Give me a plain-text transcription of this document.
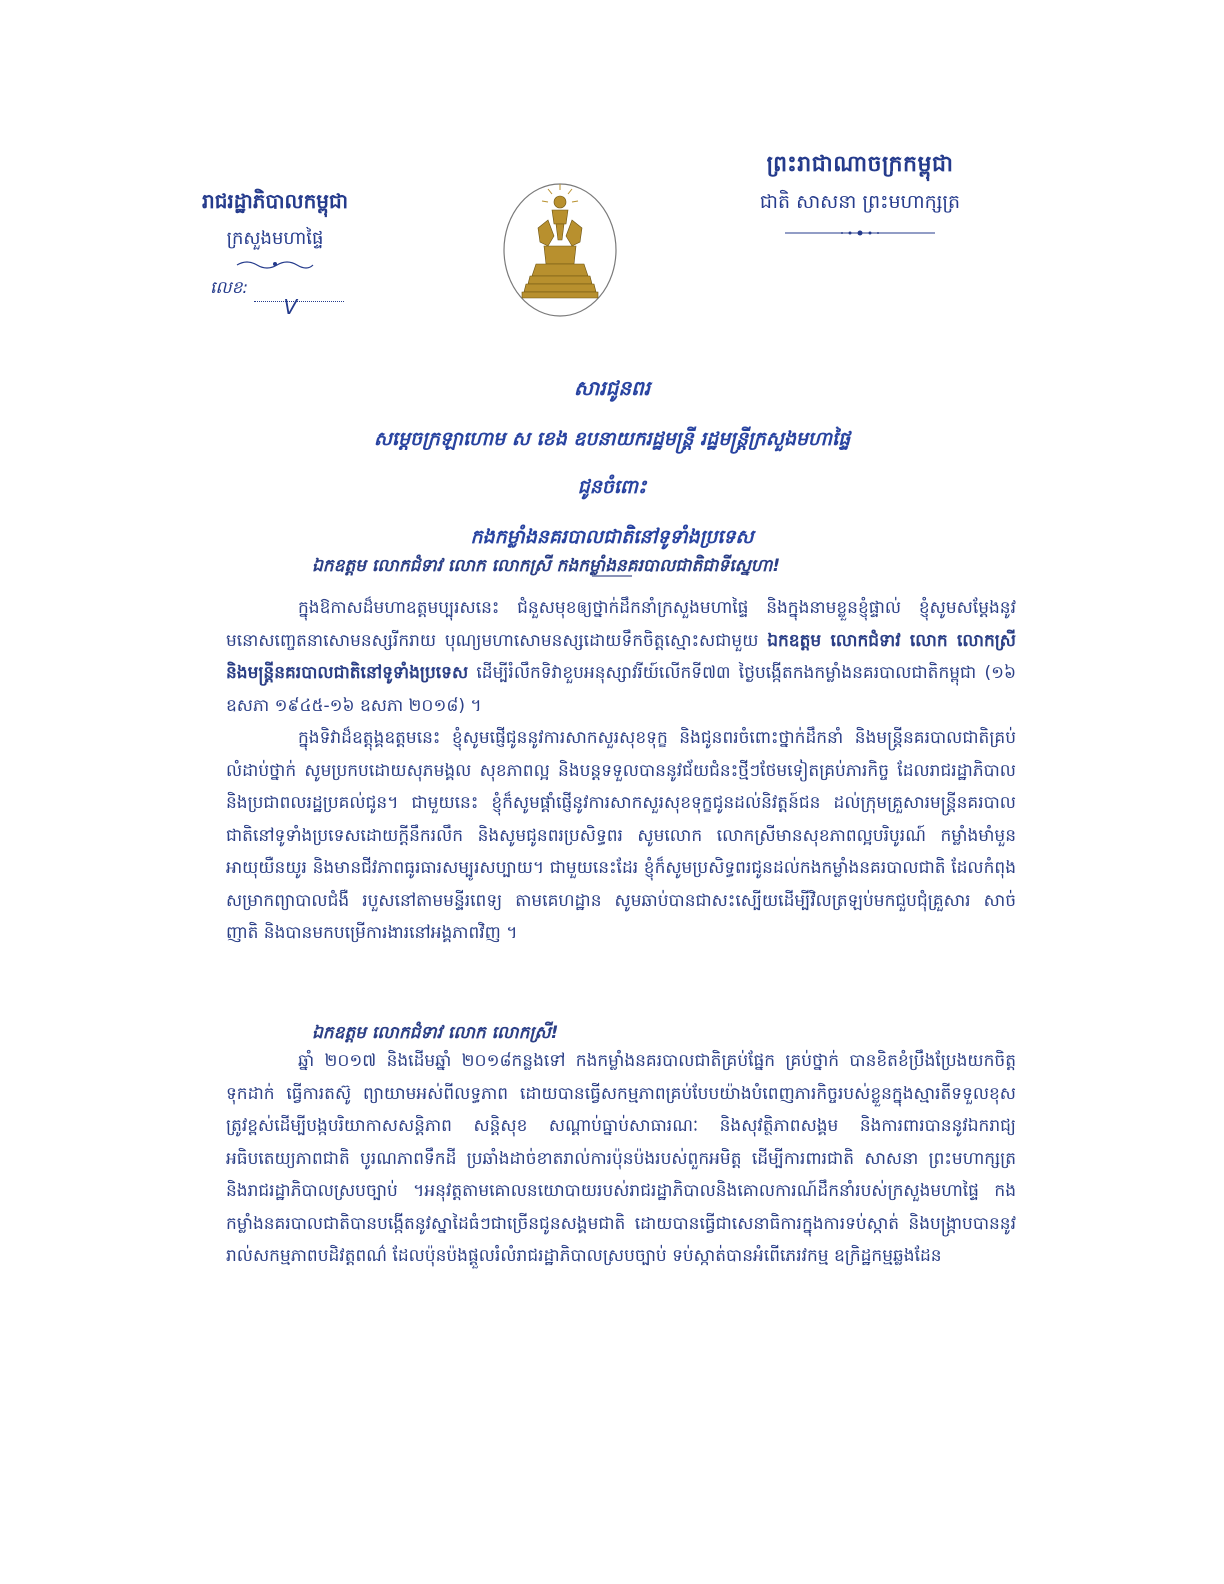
ព្រះរាជាណាចក្រកម្ពុជា
ជាតិ សាសនា ព្រះមហាក្សត្រ
រាជរដ្ឋាភិបាលកម្ពុជា
ក្រសួងមហាផ្ទៃ
លេខ:
V
សារជូនពរ
សម្តេចក្រឡាហោម ស ខេង ឧបនាយករដ្ឋមន្ត្រី រដ្ឋមន្ត្រីក្រសួងមហាផ្ទៃ
ជូនចំពោះ
កងកម្លាំងនគរបាលជាតិនៅទូទាំងប្រទេស
ឯកឧត្តម លោកជំទាវ លោក លោកស្រី កងកម្លាំងនគរបាលជាតិជាទីស្នេហា!
ក្នុងឱកាសដ៏មហាឧត្តមប្បុរសនេះ ជំនួសមុខឲ្យថ្នាក់ដឹកនាំក្រសួងមហាផ្ទៃ និងក្នុងនាមខ្លួនខ្ញុំផ្ទាល់ ខ្ញុំសូមសម្តែងនូវមនោសញ្ចេតនាសោមនស្សរីករាយ បុណ្យមហាសោមនស្សដោយទឹកចិត្តស្មោះសជាមួយ ឯកឧត្តម លោកជំទាវ លោក លោកស្រី និងមន្ត្រីនគរបាលជាតិនៅទូទាំងប្រទេស ដើម្បីរំលឹកទិវាខួបអនុស្សាវរីយ៍លើកទី៧៣ ថ្ងៃបង្កើតកងកម្លាំងនគរបាលជាតិកម្ពុជា (១៦ ឧសភា ១៩៤៥-១៦ ឧសភា ២០១៨) ។
ក្នុងទិវាដ៏ឧត្តុង្គឧត្តមនេះ ខ្ញុំសូមផ្ញើជូននូវការសាកសួរសុខទុក្ខ និងជូនពរចំពោះថ្នាក់ដឹកនាំ និងមន្ត្រីនគរបាលជាតិគ្រប់លំដាប់ថ្នាក់ សូមប្រកបដោយសុភមង្គល សុខភាពល្អ និងបន្តទទួលបាននូវជ័យជំនះថ្មីៗថែមទៀតគ្រប់ភារកិច្ច ដែលរាជរដ្ឋាភិបាល និងប្រជាពលរដ្ឋប្រគល់ជូន។ ជាមួយនេះ ខ្ញុំក៏សូមផ្តាំផ្ញើនូវការសាកសួរសុខទុក្ខជូនដល់និវត្តន៍ជន ដល់ក្រុមគ្រួសារមន្ត្រីនគរបាលជាតិនៅទូទាំងប្រទេសដោយក្តីនឹករលឹក និងសូមជូនពរប្រសិទ្ធពរ សូមលោក លោកស្រីមានសុខភាពល្អបរិបូរណ៍ កម្លាំងមាំមួន អាយុយឺនយូរ និងមានជីវភាពធូរធារសម្បូរសប្បាយ។ ជាមួយនេះដែរ ខ្ញុំក៏សូមប្រសិទ្ធពរជូនដល់កងកម្លាំងនគរបាលជាតិ ដែលកំពុងសម្រាកព្យាបាលជំងឺ របួសនៅតាមមន្ទីរពេទ្យ តាមគេហដ្ឋាន សូមឆាប់បានជាសះស្បើយដើម្បីវិលត្រឡប់មកជួបជុំគ្រួសារ សាច់ញាតិ និងបានមកបម្រើការងារនៅអង្គភាពវិញ ។
ឯកឧត្តម លោកជំទាវ លោក លោកស្រី!
ឆ្នាំ ២០១៧ និងដើមឆ្នាំ ២០១៨កន្លងទៅ កងកម្លាំងនគរបាលជាតិគ្រប់ផ្នែក គ្រប់ថ្នាក់ បានខិតខំប្រឹងប្រែងយកចិត្តទុកដាក់ ធ្វើការតស៊ូ ព្យាយាមអស់ពីលទ្ធភាព ដោយបានធ្វើសកម្មភាពគ្រប់បែបយ៉ាងបំពេញភារកិច្ចរបស់ខ្លួនក្នុងស្មារតីទទួលខុសត្រូវខ្ពស់ដើម្បីបង្កបរិយាកាសសន្តិភាព សន្តិសុខ សណ្តាប់ធ្នាប់សាធារណៈ និងសុវត្ថិភាពសង្គម និងការពារបាននូវឯករាជ្យ អធិបតេយ្យភាពជាតិ បូរណភាពទឹកដី ប្រឆាំងដាច់ខាតរាល់ការប៉ុនប៉ងរបស់ពួកអមិត្ត ដើម្បីការពារជាតិ សាសនា ព្រះមហាក្សត្រ និងរាជរដ្ឋាភិបាលស្របច្បាប់ ។អនុវត្តតាមគោលនយោបាយរបស់រាជរដ្ឋាភិបាលនិងគោលការណ៍ដឹកនាំរបស់ក្រសួងមហាផ្ទៃ កងកម្លាំងនគរបាលជាតិបានបង្កើតនូវស្នាដៃធំៗជាច្រើនជូនសង្គមជាតិ ដោយបានធ្វើជាសេនាធិការក្នុងការទប់ស្កាត់ និងបង្ក្រាបបាននូវរាល់សកម្មភាពបដិវត្តពណ៌ ដែលប៉ុនប៉ងផ្តួលរំលំរាជរដ្ឋាភិបាលស្របច្បាប់ ទប់ស្កាត់បានអំពើភេរវកម្ម ឧក្រិដ្ឋកម្មឆ្លងដែន
